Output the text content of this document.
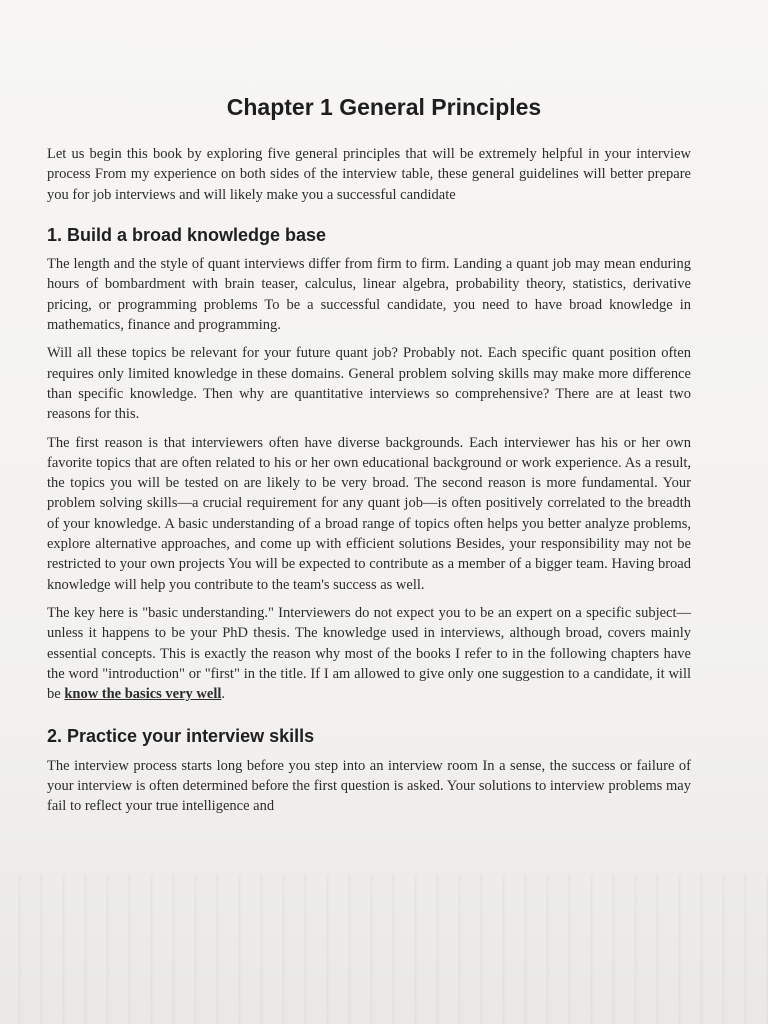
Chapter 1 General Principles

Let us begin this book by exploring five general principles that will be extremely helpful in your interview process From my experience on both sides of the interview table, these general guidelines will better prepare you for job interviews and will likely make you a successful candidate

1. Build a broad knowledge base

The length and the style of quant interviews differ from firm to firm. Landing a quant job may mean enduring hours of bombardment with brain teaser, calculus, linear algebra, probability theory, statistics, derivative pricing, or programming problems To be a successful candidate, you need to have broad knowledge in mathematics, finance and programming.

Will all these topics be relevant for your future quant job? Probably not. Each specific quant position often requires only limited knowledge in these domains. General problem solving skills may make more difference than specific knowledge. Then why are quantitative interviews so comprehensive? There are at least two reasons for this.

The first reason is that interviewers often have diverse backgrounds. Each interviewer has his or her own favorite topics that are often related to his or her own educational background or work experience. As a result, the topics you will be tested on are likely to be very broad. The second reason is more fundamental. Your problem solving skills—a crucial requirement for any quant job—is often positively correlated to the breadth of your knowledge. A basic understanding of a broad range of topics often helps you better analyze problems, explore alternative approaches, and come up with efficient solutions Besides, your responsibility may not be restricted to your own projects You will be expected to contribute as a member of a bigger team. Having broad knowledge will help you contribute to the team's success as well.

The key here is "basic understanding." Interviewers do not expect you to be an expert on a specific subject—unless it happens to be your PhD thesis. The knowledge used in interviews, although broad, covers mainly essential concepts. This is exactly the reason why most of the books I refer to in the following chapters have the word "introduction" or "first" in the title. If I am allowed to give only one suggestion to a candidate, it will be know the basics very well.

2. Practice your interview skills

The interview process starts long before you step into an interview room In a sense, the success or failure of your interview is often determined before the first question is asked. Your solutions to interview problems may fail to reflect your true intelligence and
